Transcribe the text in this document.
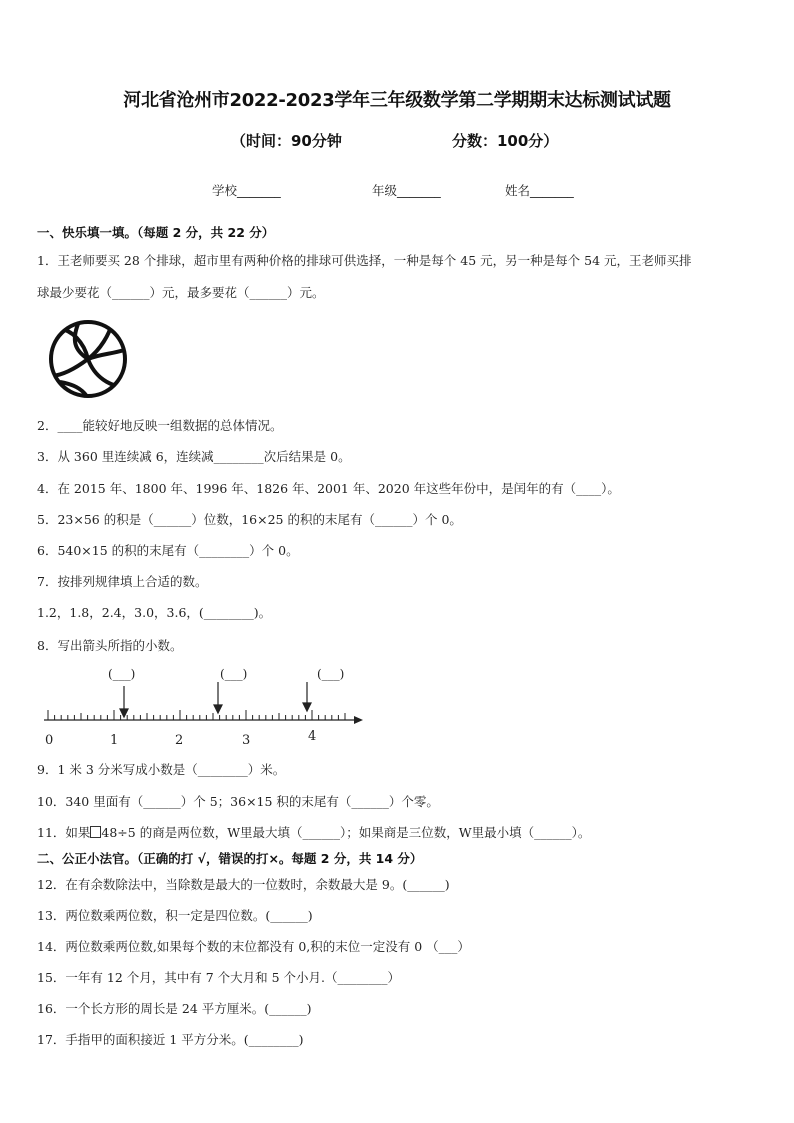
河北省沧州市2022-2023学年三年级数学第二学期期末达标测试试题
（时间：90分钟	分数：100分）
学校_______	年级_______	姓名_______
一、快乐填一填。（每题 2 分，共 22 分）
1．王老师要买 28 个排球，超市里有两种价格的排球可供选择，一种是每个 45 元，另一种是每个 54 元，王老师买排
球最少要花（______）元，最多要花（______）元。
2．____能较好地反映一组数据的总体情况。
3．从 360 里连续减 6，连续减________次后结果是 0。
4．在 2015 年、1800 年、1996 年、1826 年、2001 年、2020 年这些年份中，是闰年的有（____）。
5．23×56 的积是（______）位数，16×25 的积的末尾有（______）个 0。
6．540×15 的积的末尾有（________）个 0。
7．按排列规律填上合适的数。
1.2，1.8，2.4，3.0，3.6，(________)。
8．写出箭头所指的小数。
(___)	(___)	(___)
0	1	2	3	4
9．1 米 3 分米写成小数是（________）米。
10．340 里面有（______）个 5；36×15 积的末尾有（______）个零。
11．如果 48÷5 的商是两位数，W里最大填（______）；如果商是三位数，W里最小填（______）。
二、公正小法官。（正确的打 √，错误的打×。每题 2 分，共 14 分）
12．在有余数除法中，当除数是最大的一位数时，余数最大是 9。(______)
13．两位数乘两位数，积一定是四位数。(______)
14．两位数乘两位数,如果每个数的末位都没有 0,积的末位一定没有 0 （___）
15．一年有 12 个月，其中有 7 个大月和 5 个小月.（________）
16．一个长方形的周长是 24 平方厘米。(______)
17．手指甲的面积接近 1 平方分米。(________)
